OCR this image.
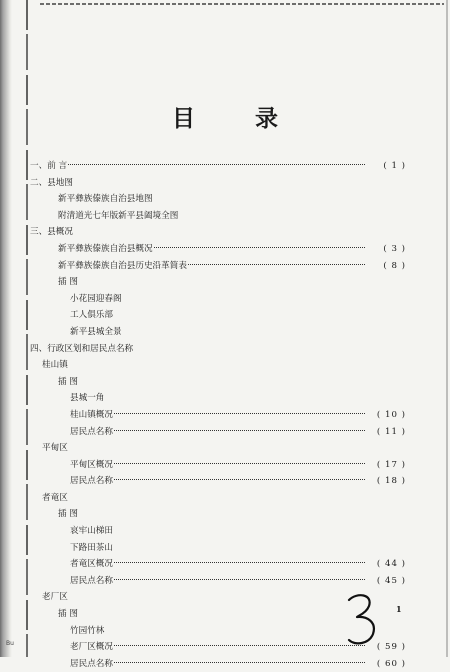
目 录
一、前 言	( 1 )
二、县地图
新平彝族傣族自治县地图
附清道光七年版新平县阖境全图
三、县概况
新平彝族傣族自治县概况	( 3 )
新平彝族傣族自治县历史沿革简表	( 8 )
插 图
小花园迎春阁
工人俱乐部
新平县城全景
四、行政区划和居民点名称
桂山镇
插 图
县城一角
桂山镇概况	( 10 )
居民点名称	( 11 )
平甸区
平甸区概况	( 17 )
居民点名称	( 18 )
者竜区
插 图
哀牢山梯田
下路田茶山
者竜区概况	( 44 )
居民点名称	( 45 )
老厂区
插 图
竹园竹林
老厂区概况	( 59 )
居民点名称	( 60 )
1
Bu
